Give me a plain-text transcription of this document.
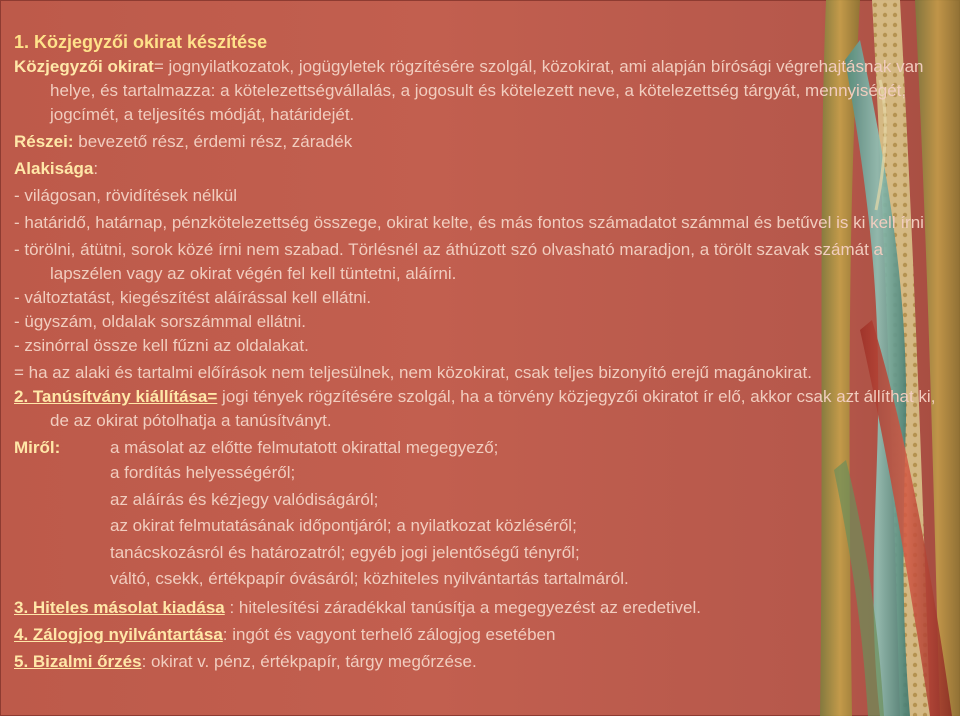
1. Közjegyzői okirat készítése

Közjegyzői okirat= jognyilatkozatok, jogügyletek rögzítésére szolgál, közokirat, ami alapján bírósági végrehajtásnak van helye, és tartalmazza: a kötelezettségvállalás, a jogosult és kötelezett neve, a kötelezettség tárgyát, mennyiségét, jogcímét, a teljesítés módját, határidejét.

Részei: bevezető rész, érdemi rész, záradék

Alakisága:

- világosan, rövidítések nélkül

- határidő, határnap, pénzkötelezettség összege, okirat kelte, és más fontos számadatot számmal és betűvel is ki kell írni

- törölni, átütni, sorok közé írni nem szabad. Törlésnél az áthúzott szó olvasható maradjon, a törölt szavak számát a lapszélen vagy az okirat végén fel kell tüntetni, aláírni.

- változtatást, kiegészítést aláírással kell ellátni.

- ügyszám, oldalak sorszámmal ellátni.

- zsinórral össze kell fűzni az oldalakat.

= ha az alaki és tartalmi előírások nem teljesülnek, nem közokirat, csak teljes bizonyító erejű magánokirat.

2. Tanúsítvány kiállítása= jogi tények rögzítésére szolgál, ha a törvény közjegyzői okiratot ír elő, akkor csak azt állíthat ki, de az okirat pótolhatja a tanúsítványt.

Miről:	a másolat az előtte felmutatott okirattal megegyező;

a fordítás helyességéről;

az aláírás és kézjegy valódiságáról;

az okirat felmutatásának időpontjáról; a nyilatkozat közléséről;

tanácskozásról és határozatról; egyéb jogi jelentőségű tényről;

váltó, csekk, értékpapír óvásáról; közhiteles nyilvántartás tartalmáról.

3. Hiteles másolat kiadása : hitelesítési záradékkal tanúsítja a megegyezést az eredetivel.

4. Zálogjog nyilvántartása: ingót és vagyont terhelő zálogjog esetében

5. Bizalmi őrzés: okirat v. pénz, értékpapír, tárgy megőrzése.
